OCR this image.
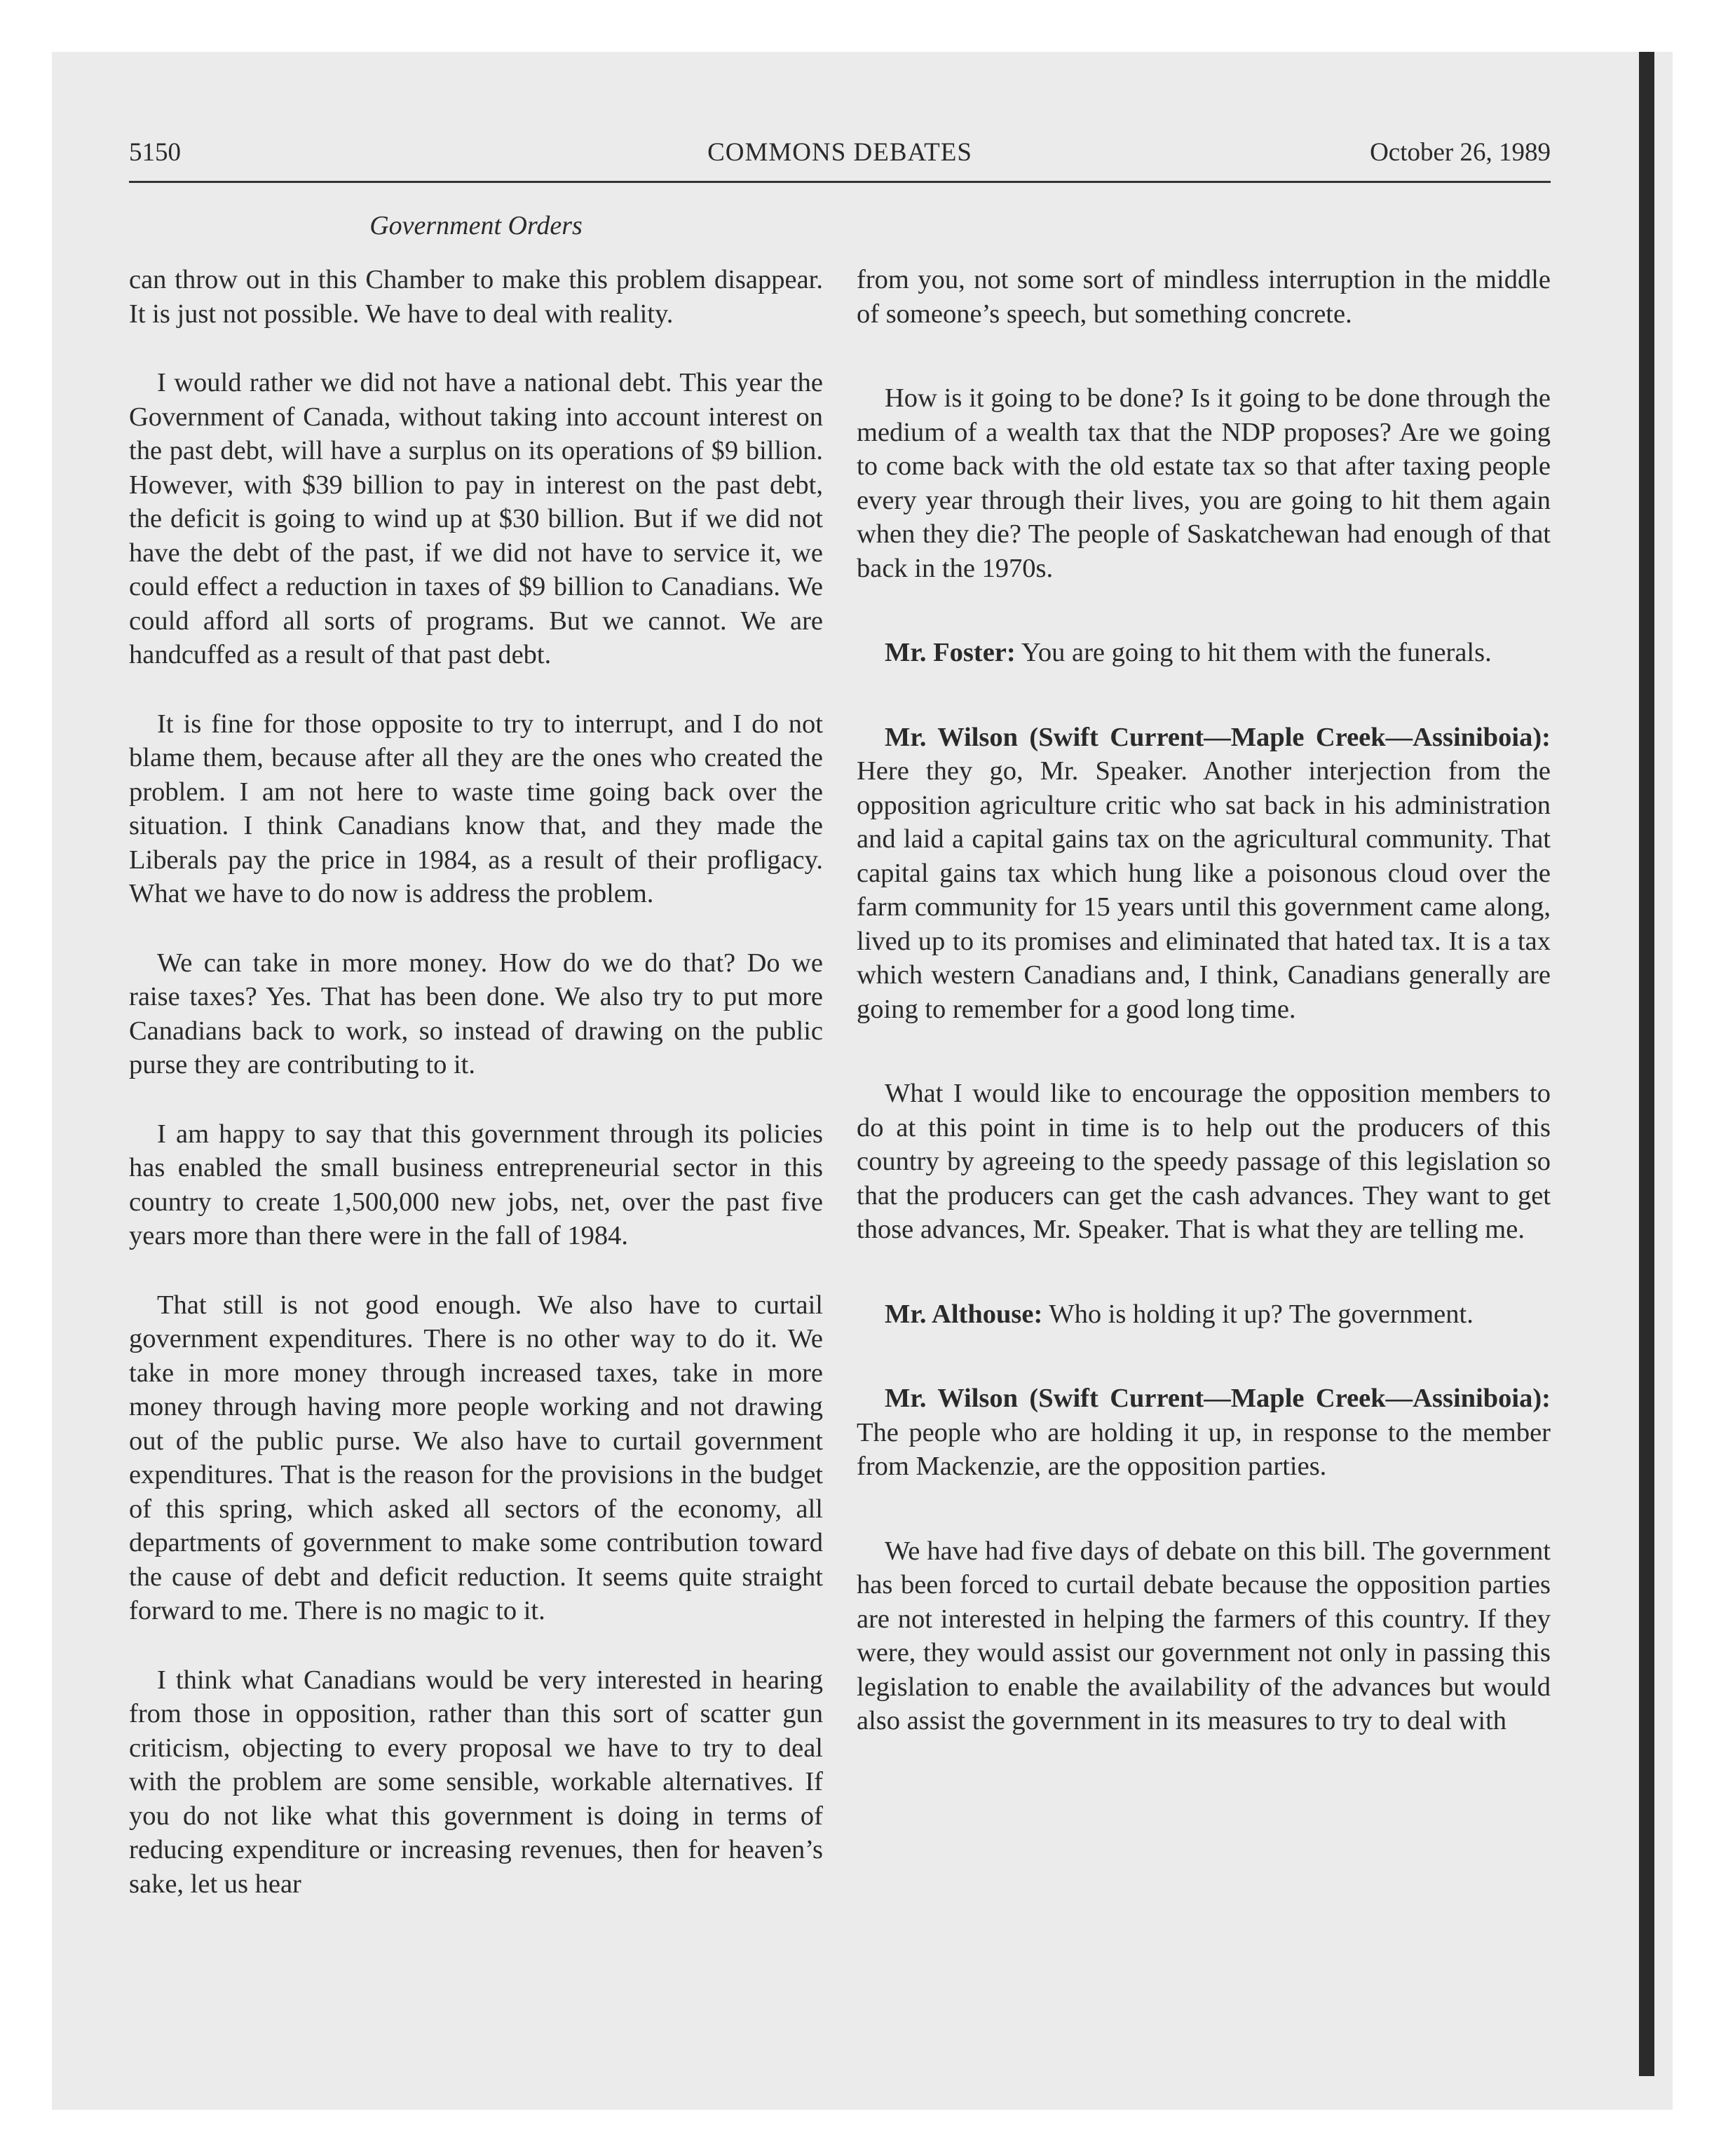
5150	COMMONS DEBATES	October 26, 1989
Government Orders

can throw out in this Chamber to make this problem disappear. It is just not possible. We have to deal with reality.

I would rather we did not have a national debt. This year the Government of Canada, without taking into account interest on the past debt, will have a surplus on its operations of $9 billion. However, with $39 billion to pay in interest on the past debt, the deficit is going to wind up at $30 billion. But if we did not have the debt of the past, if we did not have to service it, we could effect a reduction in taxes of $9 billion to Canadians. We could afford all sorts of programs. But we cannot. We are handcuffed as a result of that past debt.

It is fine for those opposite to try to interrupt, and I do not blame them, because after all they are the ones who created the problem. I am not here to waste time going back over the situation. I think Canadians know that, and they made the Liberals pay the price in 1984, as a result of their profligacy. What we have to do now is address the problem.

We can take in more money. How do we do that? Do we raise taxes? Yes. That has been done. We also try to put more Canadians back to work, so instead of drawing on the public purse they are contributing to it.

I am happy to say that this government through its policies has enabled the small business entrepreneurial sector in this country to create 1,500,000 new jobs, net, over the past five years more than there were in the fall of 1984.

That still is not good enough. We also have to curtail government expenditures. There is no other way to do it. We take in more money through increased taxes, take in more money through having more people working and not drawing out of the public purse. We also have to curtail government expenditures. That is the reason for the provisions in the budget of this spring, which asked all sectors of the economy, all departments of government to make some contribution toward the cause of debt and deficit reduction. It seems quite straight forward to me. There is no magic to it.

I think what Canadians would be very interested in hearing from those in opposition, rather than this sort of scatter gun criticism, objecting to every proposal we have to try to deal with the problem are some sensible, workable alternatives. If you do not like what this government is doing in terms of reducing expenditure or increasing revenues, then for heaven’s sake, let us hear

from you, not some sort of mindless interruption in the middle of someone’s speech, but something concrete.

How is it going to be done? Is it going to be done through the medium of a wealth tax that the NDP proposes? Are we going to come back with the old estate tax so that after taxing people every year through their lives, you are going to hit them again when they die? The people of Saskatchewan had enough of that back in the 1970s.

Mr. Foster: You are going to hit them with the funerals.

Mr. Wilson (Swift Current—Maple Creek—Assiniboia): Here they go, Mr. Speaker. Another interjection from the opposition agriculture critic who sat back in his administration and laid a capital gains tax on the agricultural community. That capital gains tax which hung like a poisonous cloud over the farm community for 15 years until this government came along, lived up to its promises and eliminated that hated tax. It is a tax which western Canadians and, I think, Canadians generally are going to remember for a good long time.

What I would like to encourage the opposition members to do at this point in time is to help out the producers of this country by agreeing to the speedy passage of this legislation so that the producers can get the cash advances. They want to get those advances, Mr. Speaker. That is what they are telling me.

Mr. Althouse: Who is holding it up? The government.

Mr. Wilson (Swift Current—Maple Creek—Assiniboia): The people who are holding it up, in response to the member from Mackenzie, are the opposition parties.

We have had five days of debate on this bill. The government has been forced to curtail debate because the opposition parties are not interested in helping the farmers of this country. If they were, they would assist our government not only in passing this legislation to enable the availability of the advances but would also assist the government in its measures to try to deal with
